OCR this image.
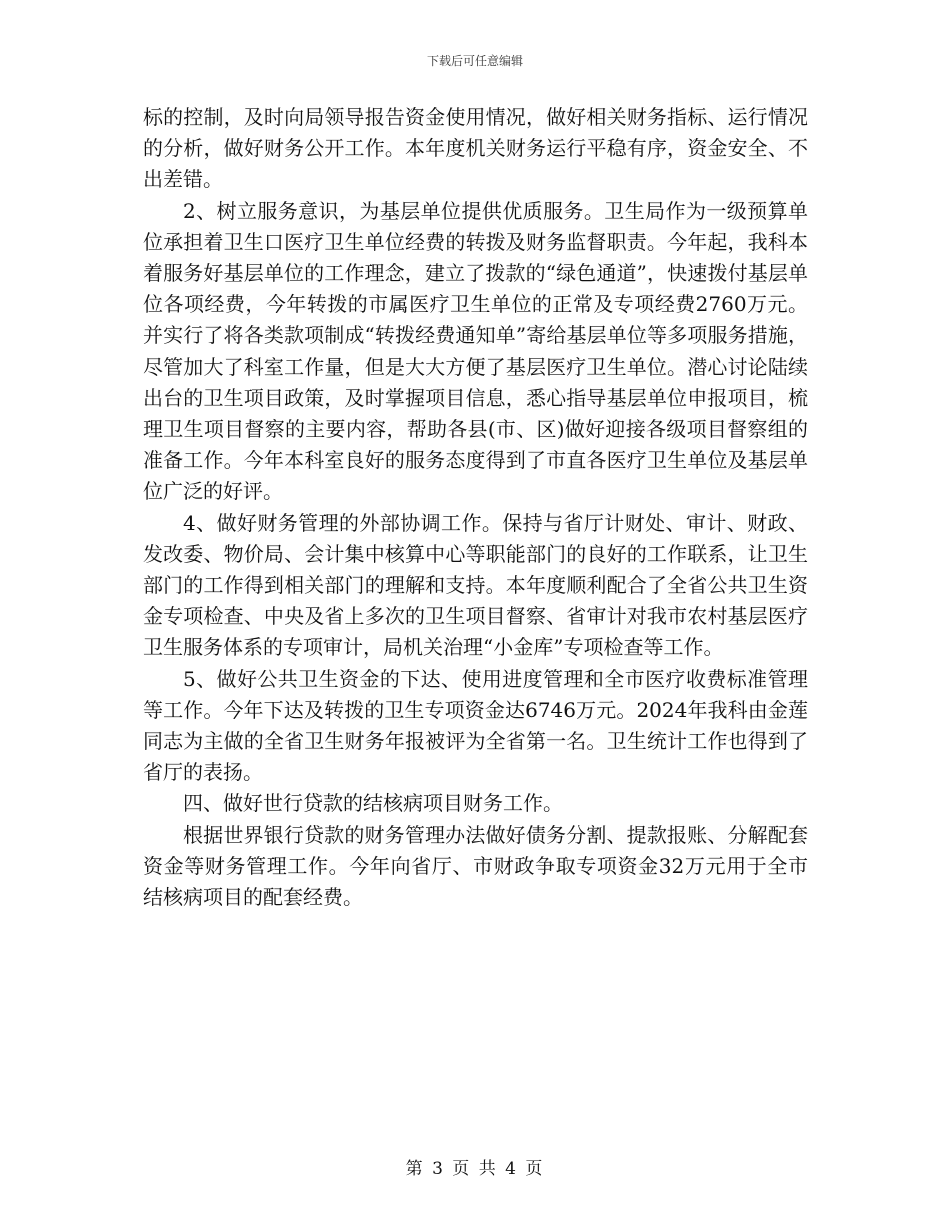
下载后可任意编辑

标的控制，及时向局领导报告资金使用情况，做好相关财务指标、运行情况的分析，做好财务公开工作。本年度机关财务运行平稳有序，资金安全、不出差错。

2、树立服务意识，为基层单位提供优质服务。卫生局作为一级预算单位承担着卫生口医疗卫生单位经费的转拨及财务监督职责。今年起，我科本着服务好基层单位的工作理念，建立了拨款的“绿色通道”，快速拨付基层单位各项经费，今年转拨的市属医疗卫生单位的正常及专项经费2760万元。并实行了将各类款项制成“转拨经费通知单”寄给基层单位等多项服务措施，尽管加大了科室工作量，但是大大方便了基层医疗卫生单位。潜心讨论陆续出台的卫生项目政策，及时掌握项目信息，悉心指导基层单位申报项目，梳理卫生项目督察的主要内容，帮助各县(市、区)做好迎接各级项目督察组的准备工作。今年本科室良好的服务态度得到了市直各医疗卫生单位及基层单位广泛的好评。

4、做好财务管理的外部协调工作。保持与省厅计财处、审计、财政、发改委、物价局、会计集中核算中心等职能部门的良好的工作联系，让卫生部门的工作得到相关部门的理解和支持。本年度顺利配合了全省公共卫生资金专项检查、中央及省上多次的卫生项目督察、省审计对我市农村基层医疗卫生服务体系的专项审计，局机关治理“小金库”专项检查等工作。

5、做好公共卫生资金的下达、使用进度管理和全市医疗收费标准管理等工作。今年下达及转拨的卫生专项资金达6746万元。2024年我科由金莲同志为主做的全省卫生财务年报被评为全省第一名。卫生统计工作也得到了省厅的表扬。

四、做好世行贷款的结核病项目财务工作。

根据世界银行贷款的财务管理办法做好债务分割、提款报账、分解配套资金等财务管理工作。今年向省厅、市财政争取专项资金32万元用于全市结核病项目的配套经费。

第 3 页 共 4 页
